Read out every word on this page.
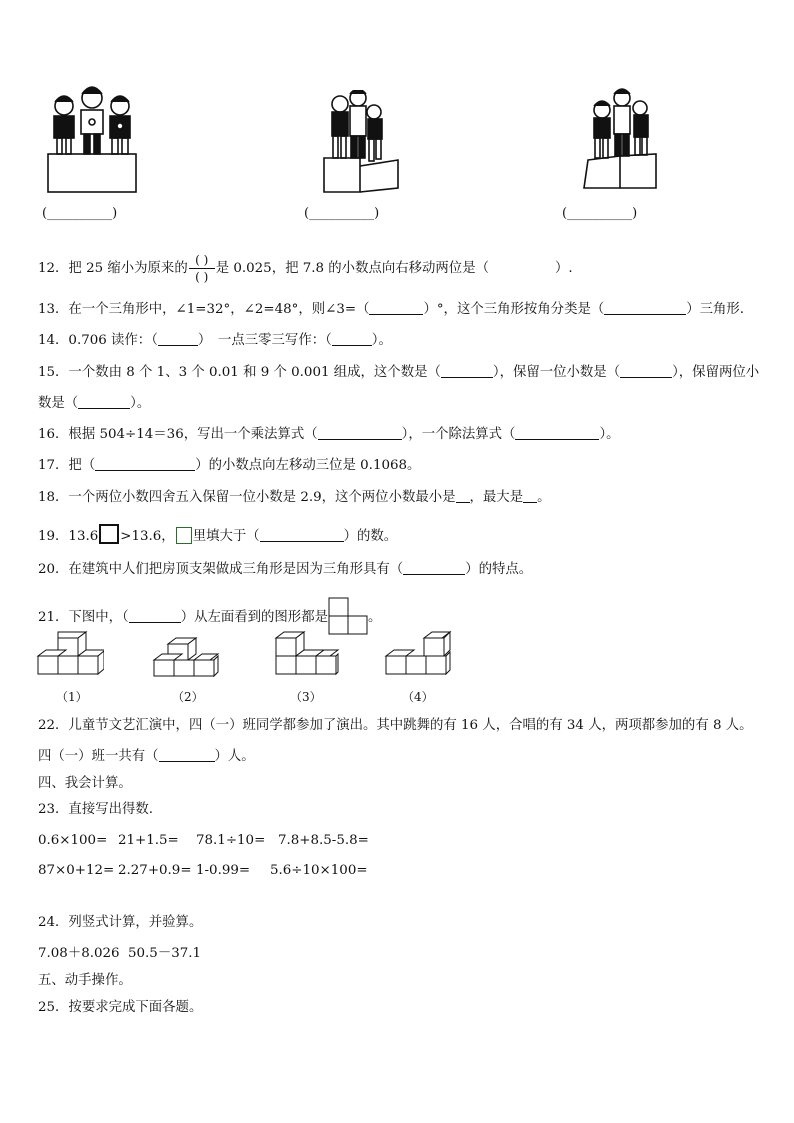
(__________)	(__________)	(__________)
12．把 25 缩小为原来的$\frac{( )}{( )}$是 0.025，把 7.8 的小数点向右移动两位是（	）.
13．在一个三角形中，∠1=32°，∠2=48°，则∠3=（	）°，这个三角形按角分类是（	）三角形.
14．0.706 读作：（	）　一点三零三写作：（	）。
15．一个数由 8 个 1、3 个 0.01 和 9 个 0.001 组成，这个数是（	），保留一位小数是（	），保留两位小
数是（	）。
16．根据 504÷14＝36，写出一个乘法算式（	），一个除法算式（	）。
17．把（	）的小数点向左移动三位是 0.1068。
18．一个两位小数四舍五入保留一位小数是 2.9，这个两位小数最小是 ，最大是 。
19．13.6 >13.6， 里填大于（	）的数。
20．在建筑中人们把房顶支架做成三角形是因为三角形具有（	）的特点。
21．下图中，（	）从左面看到的图形都是	。
（1）	（2）	（3）	（4）
22．儿童节文艺汇演中，四（一）班同学都参加了演出。其中跳舞的有 16 人，合唱的有 34 人，两项都参加的有 8 人。
四（一）班一共有（	）人。
四、我会计算。
23．直接写出得数.
0.6×100= 21+1.5= 78.1÷10= 7.8+8.5-5.8=
87×0+12= 2.27+0.9= 1-0.99= 5.6÷10×100=
24．列竖式计算，并验算。
7.08＋8.026 50.5－37.1
五、动手操作。
25．按要求完成下面各题。
